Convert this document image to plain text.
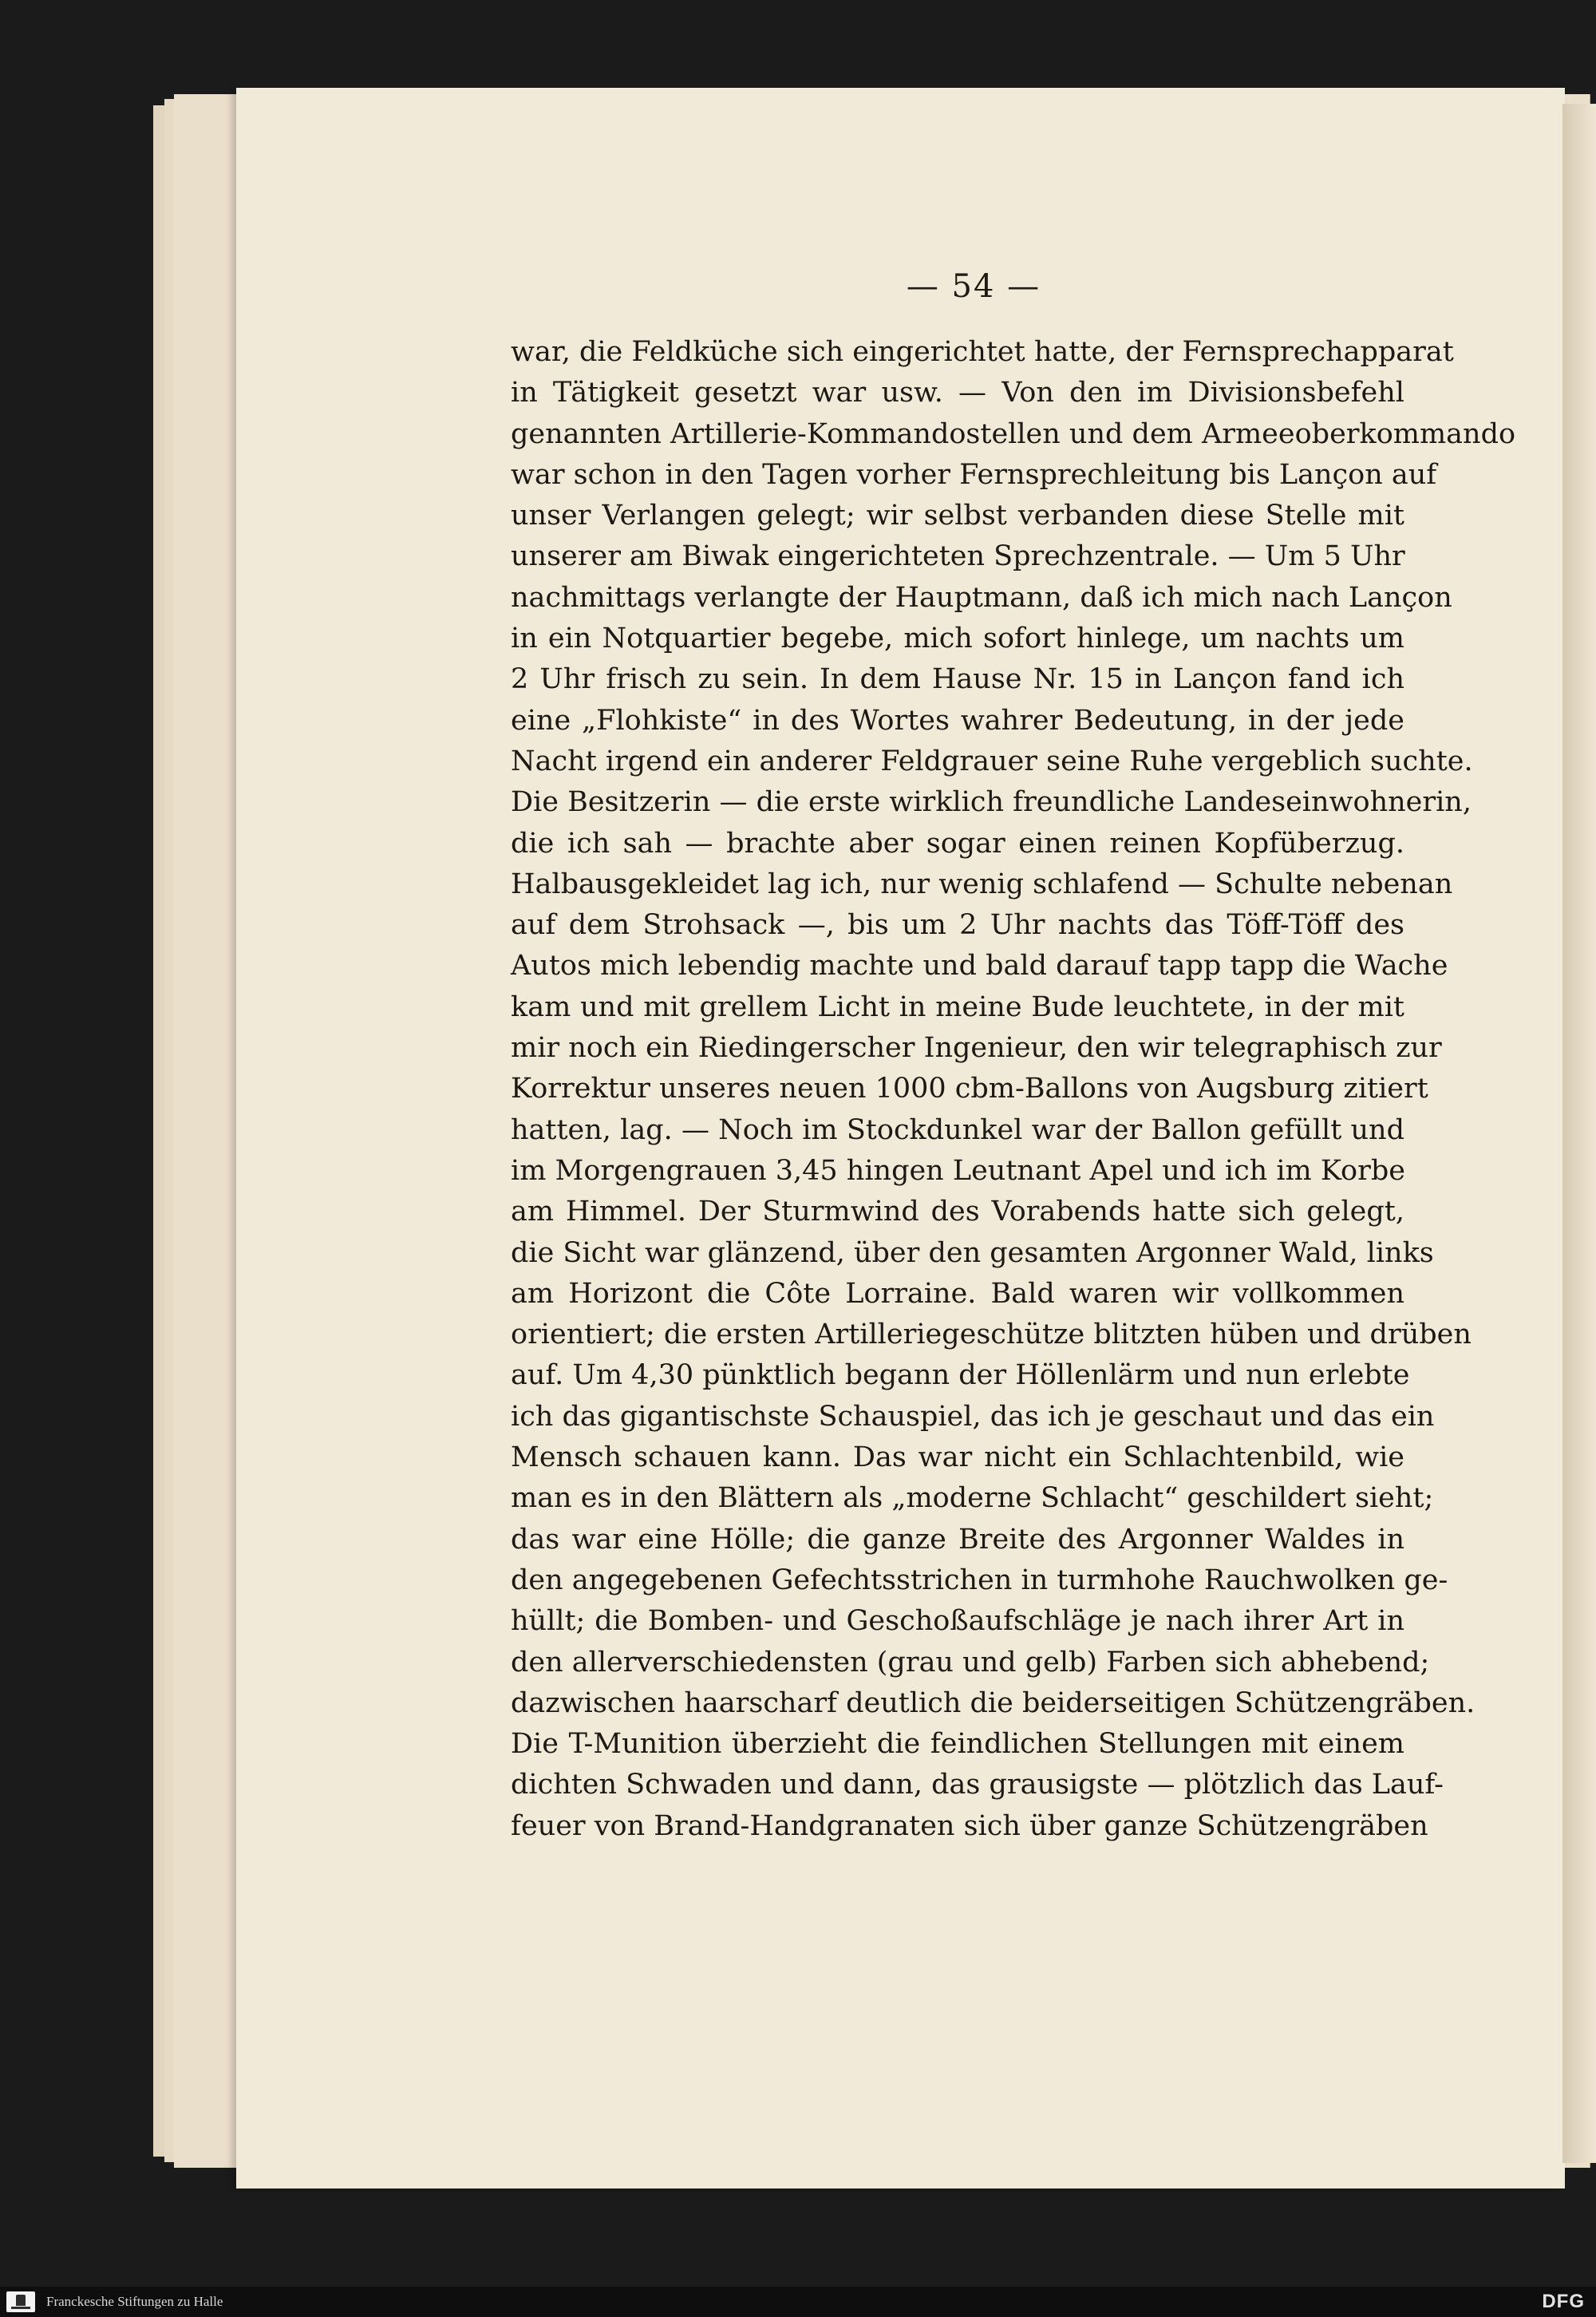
— 54 —
war, die Feldküche sich eingerichtet hatte, der Fernsprechapparat
in Tätigkeit gesetzt war usw. — Von den im Divisionsbefehl
genannten Artillerie-Kommandostellen und dem Armeeoberkommando
war schon in den Tagen vorher Fernsprechleitung bis Lançon auf
unser Verlangen gelegt; wir selbst verbanden diese Stelle mit
unserer am Biwak eingerichteten Sprechzentrale. — Um 5 Uhr
nachmittags verlangte der Hauptmann, daß ich mich nach Lançon
in ein Notquartier begebe, mich sofort hinlege, um nachts um
2 Uhr frisch zu sein. In dem Hause Nr. 15 in Lançon fand ich
eine „Flohkiste“ in des Wortes wahrer Bedeutung, in der jede
Nacht irgend ein anderer Feldgrauer seine Ruhe vergeblich suchte.
Die Besitzerin — die erste wirklich freundliche Landeseinwohnerin,
die ich sah — brachte aber sogar einen reinen Kopfüberzug.
Halbausgekleidet lag ich, nur wenig schlafend — Schulte nebenan
auf dem Strohsack —, bis um 2 Uhr nachts das Töff-Töff des
Autos mich lebendig machte und bald darauf tapp tapp die Wache
kam und mit grellem Licht in meine Bude leuchtete, in der mit
mir noch ein Riedingerscher Ingenieur, den wir telegraphisch zur
Korrektur unseres neuen 1000 cbm-Ballons von Augsburg zitiert
hatten, lag. — Noch im Stockdunkel war der Ballon gefüllt und
im Morgengrauen 3,45 hingen Leutnant Apel und ich im Korbe
am Himmel. Der Sturmwind des Vorabends hatte sich gelegt,
die Sicht war glänzend, über den gesamten Argonner Wald, links
am Horizont die Côte Lorraine. Bald waren wir vollkommen
orientiert; die ersten Artilleriegeschütze blitzten hüben und drüben
auf. Um 4,30 pünktlich begann der Höllenlärm und nun erlebte
ich das gigantischste Schauspiel, das ich je geschaut und das ein
Mensch schauen kann. Das war nicht ein Schlachtenbild, wie
man es in den Blättern als „moderne Schlacht“ geschildert sieht;
das war eine Hölle; die ganze Breite des Argonner Waldes in
den angegebenen Gefechtsstrichen in turmhohe Rauchwolken ge-
hüllt; die Bomben- und Geschoßaufschläge je nach ihrer Art in
den allerverschiedensten (grau und gelb) Farben sich abhebend;
dazwischen haarscharf deutlich die beiderseitigen Schützengräben.
Die T-Munition überzieht die feindlichen Stellungen mit einem
dichten Schwaden und dann, das grausigste — plötzlich das Lauf-
feuer von Brand-Handgranaten sich über ganze Schützengräben
Franckesche Stiftungen zu Halle	DFG
